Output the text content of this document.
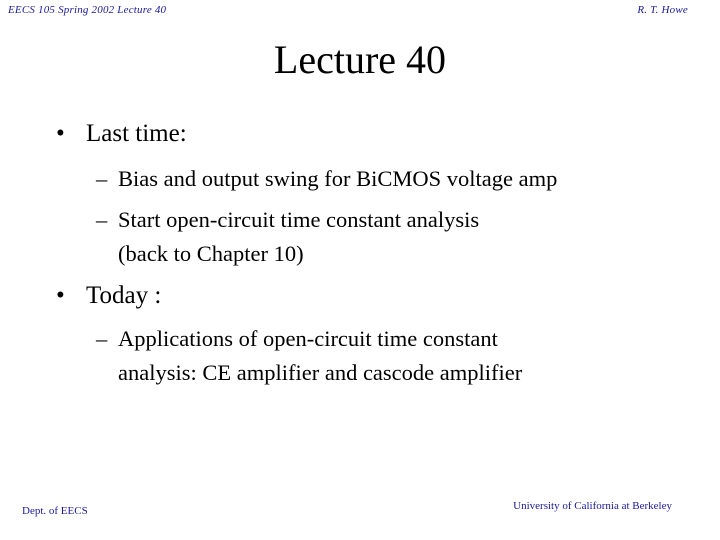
EECS 105 Spring 2002 Lecture 40	R. T. Howe
Lecture 40
• Last time:
– Bias and output swing for BiCMOS voltage amp
– Start open-circuit time constant analysis
(back to Chapter 10)
• Today :
– Applications of open-circuit time constant
analysis: CE amplifier and cascode amplifier
Dept. of EECS	University of California at Berkeley
